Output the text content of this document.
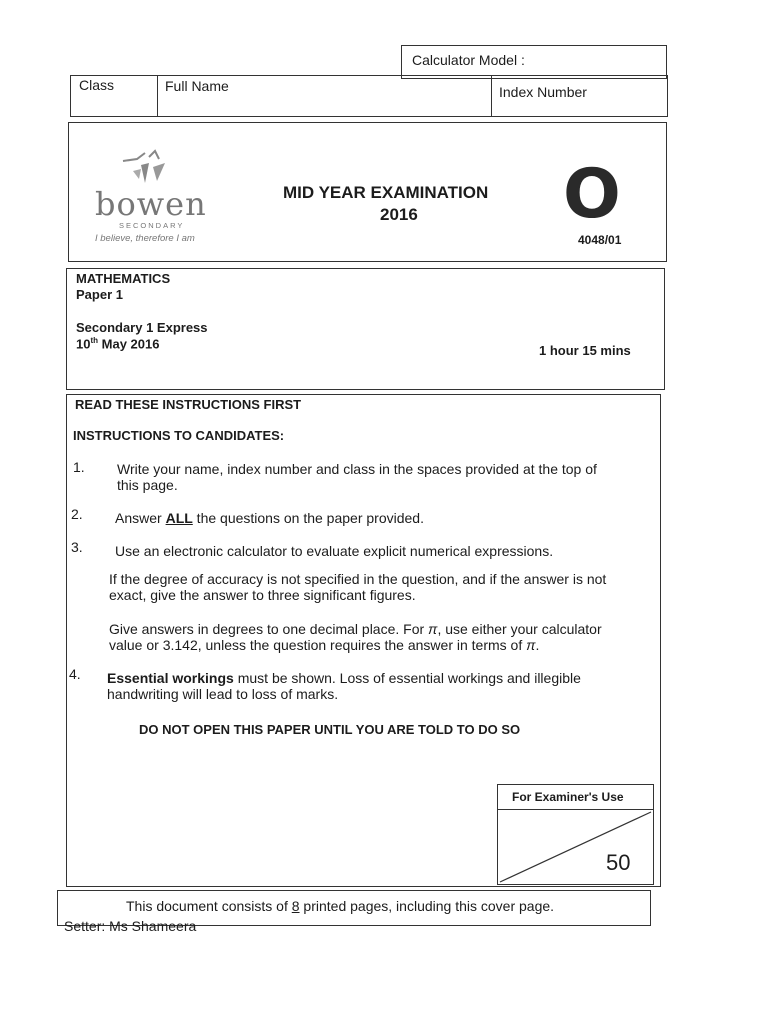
Calculator Model :
Class	Full Name	Index Number
bowen
SECONDARY
I believe, therefore I am
MID YEAR EXAMINATION
2016 O
4048/01
MATHEMATICS
Paper 1
Secondary 1 Express
10th May 2016	1 hour 15 mins
READ THESE INSTRUCTIONS FIRST
INSTRUCTIONS TO CANDIDATES:
1. Write your name, index number and class in the spaces provided at the top of
this page.
2. Answer ALL the questions on the paper provided.
3. Use an electronic calculator to evaluate explicit numerical expressions.
If the degree of accuracy is not specified in the question, and if the answer is not
exact, give the answer to three significant figures.
Give answers in degrees to one decimal place. For π, use either your calculator
value or 3.142, unless the question requires the answer in terms of π.
4. Essential workings must be shown. Loss of essential workings and illegible
handwriting will lead to loss of marks.
DO NOT OPEN THIS PAPER UNTIL YOU ARE TOLD TO DO SO
For Examiner's Use
50
This document consists of 8 printed pages, including this cover page.
Setter: Ms Shameera
